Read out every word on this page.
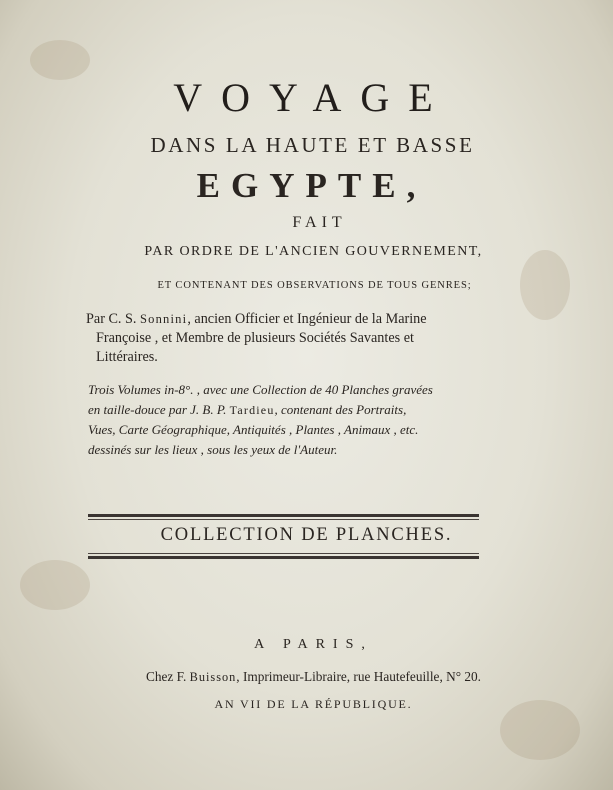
VOYAGE

DANS LA HAUTE ET BASSE

EGYPTE,

FAIT

PAR ORDRE DE L'ANCIEN GOUVERNEMENT,

ET CONTENANT DES OBSERVATIONS DE TOUS GENRES;

Par C. S. Sonnini, ancien Officier et Ingénieur de la Marine
Françoise , et Membre de plusieurs Sociétés Savantes et
Littéraires.

Trois Volumes in-8°. , avec une Collection de 40 Planches gravées
en taille-douce par J. B. P. Tardieu, contenant des Portraits,
Vues, Carte Géographique, Antiquités , Plantes , Animaux , etc.
dessinés sur les lieux , sous les yeux de l'Auteur.

COLLECTION DE PLANCHES.

A PARIS,

Chez F. Buisson, Imprimeur-Libraire, rue Hautefeuille, N° 20.

AN VII DE LA RÉPUBLIQUE.
